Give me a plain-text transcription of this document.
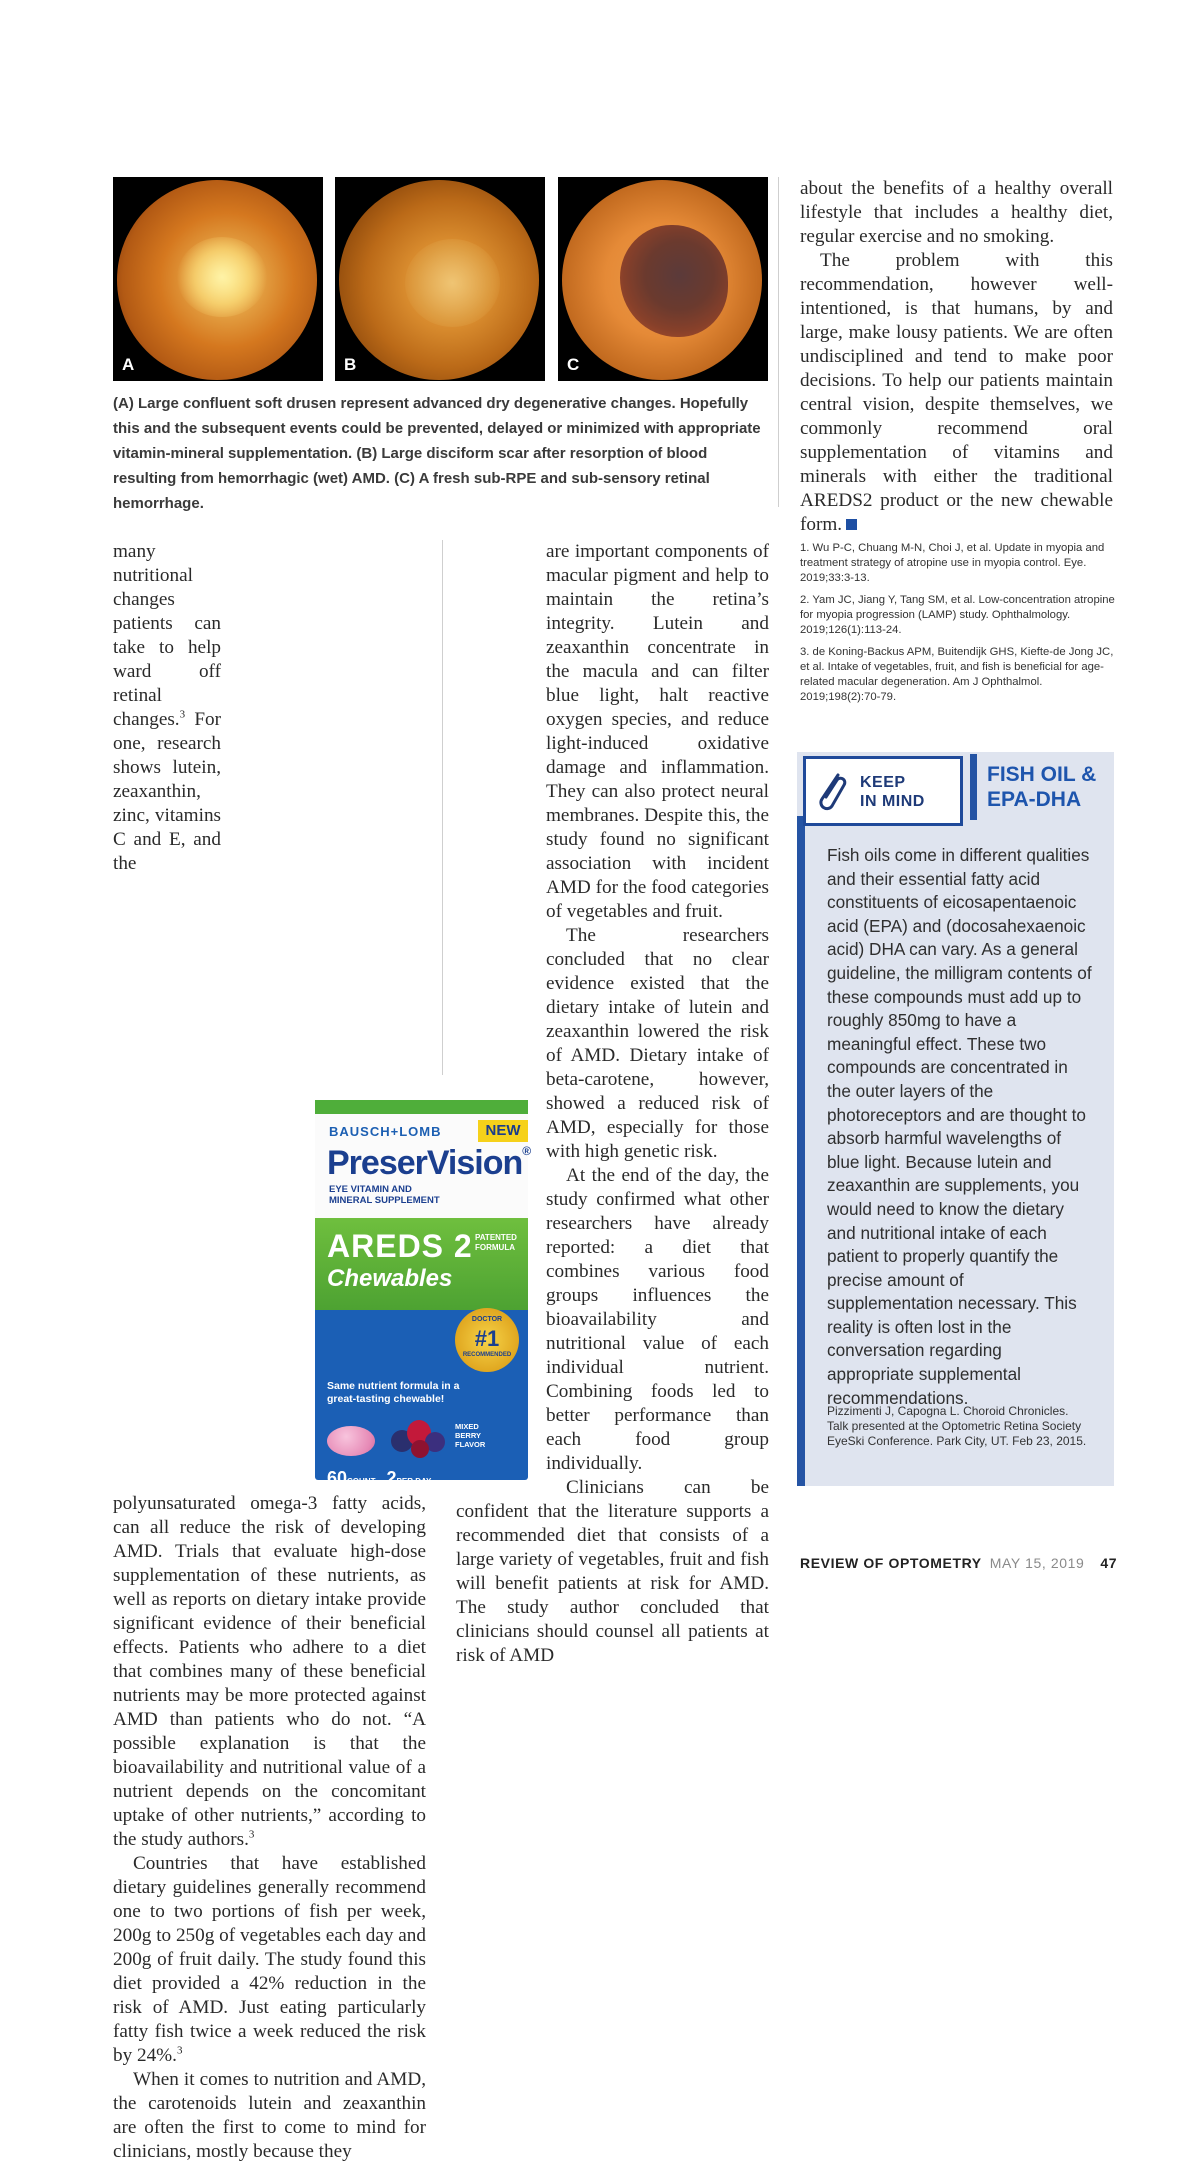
A	B	C
(A) Large confluent soft drusen represent advanced dry degenerative changes. Hopefully this and the subsequent events could be prevented, delayed or minimized with appropriate vitamin-mineral supplementation. (B) Large disciform scar after resorption of blood resulting from hemorrhagic (wet) AMD. (C) A fresh sub-RPE and sub-sensory retinal hemorrhage.

about the benefits of a healthy overall lifestyle that includes a healthy diet, regular exercise and no smoking.

The problem with this recommendation, however well-intentioned, is that humans, by and large, make lousy patients. We are often undisciplined and tend to make poor decisions. To help our patients maintain central vision, despite themselves, we commonly recommend oral supplementation of vitamins and minerals with either the traditional AREDS2 product or the new chewable form.

many nutritional changes patients can take to help ward off retinal changes.$^3$ For one, research shows lutein, zeaxanthin, zinc, vitamins C and E, and the polyunsaturated omega-3 fatty acids, can all reduce the risk of developing AMD. Trials that evaluate high-dose supplementation of these nutrients, as well as reports on dietary intake provide significant evidence of their beneficial effects. Patients who adhere to a diet that combines many of these beneficial nutrients may be more protected against AMD than patients who do not. “A possible explanation is that the bioavailability and nutritional value of a nutrient depends on the concomitant uptake of other nutrients,” according to the study authors.$^3$

Countries that have established dietary guidelines generally recommend one to two portions of fish per week, 200g to 250g of vegetables each day and 200g of fruit daily. The study found this diet provided a 42% reduction in the risk of AMD. Just eating particularly fatty fish twice a week reduced the risk by 24%.$^3$

When it comes to nutrition and AMD, the carotenoids lutein and zeaxanthin are often the first to come to mind for clinicians, mostly because they

are important components of macular pigment and help to maintain the retina’s integrity. Lutein and zeaxanthin concentrate in the macula and can filter blue light, halt reactive oxygen species, and reduce light-induced oxidative damage and inflammation. They can also protect neural membranes. Despite this, the study found no significant association with incident AMD for the food categories of vegetables and fruit.

The researchers concluded that no clear evidence existed that the dietary intake of lutein and zeaxanthin lowered the risk of AMD. Dietary intake of beta-carotene, however, showed a reduced risk of AMD, especially for those with high genetic risk.

At the end of the day, the study confirmed what other researchers have already reported: a diet that combines various food groups influences the bioavailability and nutritional value of each individual nutrient. Combining foods led to better performance than each food group individually.

Clinicians can be confident that the literature supports a recommended diet that consists of a large variety of vegetables, fruit and fish will benefit patients at risk for AMD. The study author concluded that clinicians should counsel all patients at risk of AMD

BAUSCH+LOMB	NEW
PreserVision®
EYE VITAMIN AND
MINERAL SUPPLEMENT
AREDS 2 PATENTED
FORMULA
Chewables
DOCTOR
#1
RECOMMENDED
Same nutrient formula in a great-tasting chewable!
MIXED
BERRY
FLAVOR
60COUNT 2PER DAY

1. Wu P-C, Chuang M-N, Choi J, et al. Update in myopia and treatment strategy of atropine use in myopia control. Eye. 2019;33:3-13.

2. Yam JC, Jiang Y, Tang SM, et al. Low-concentration atropine for myopia progression (LAMP) study. Ophthalmology. 2019;126(1):113-24.

3. de Koning-Backus APM, Buitendijk GHS, Kiefte-de Jong JC, et al. Intake of vegetables, fruit, and fish is beneficial for age-related macular degeneration. Am J Ophthalmol. 2019;198(2):70-79.

KEEP
IN MIND
FISH OIL &
EPA-DHA
Fish oils come in different qualities and their essential fatty acid constituents of eicosapentaenoic acid (EPA) and (docosahexaenoic acid) DHA can vary. As a general guideline, the milligram contents of these compounds must add up to roughly 850mg to have a meaningful effect. These two compounds are concentrated in the outer layers of the photoreceptors and are thought to absorb harmful wavelengths of blue light. Because lutein and zeaxanthin are supplements, you would need to know the dietary and nutritional intake of each patient to properly quantify the precise amount of supplementation necessary. This reality is often lost in the conversation regarding appropriate supplemental recommendations.
Pizzimenti J, Capogna L. Choroid Chronicles. Talk presented at the Optometric Retina Society EyeSki Conference. Park City, UT. Feb 23, 2015.
REVIEW OF OPTOMETRY MAY 15, 2019 47
